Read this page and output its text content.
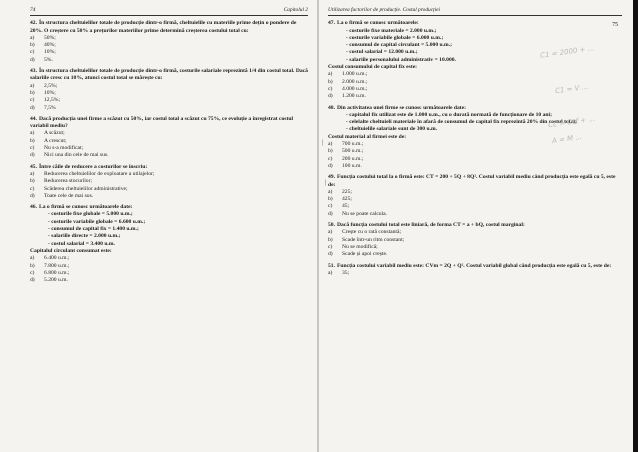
74	Capitolul 2
42. În structura cheltuielilor totale de producție dintr-o firmă, cheltuielile cu materiile prime dețin o pondere de 20%. O creștere cu 50% a prețurilor materiilor prime determină creșterea costului total cu:
a)	50%;
b)	40%;
c)	10%;
d)	5%.
43. În structura cheltuielilor totale de producție dintr-o firmă, costurile salariale reprezintă 1/4 din costul total. Dacă salariile cresc cu 10%, atunci costul total se mărește cu:
a)	2,5%;
b)	10%;
c)	12,5%;
d)	7,5%
44. Dacă producția unei firme a scăzut cu 50%, iar costul total a scăzut cu 75%, ce evoluție a înregistrat costul variabil mediu?
a)	A scăzut;
b)	A crescut;
c)	Nu s-a modificat;
d)	Nici una din cele de mai sus.
45. Între căile de reducere a costurilor se înscriu:
a)	Reducerea cheltuielilor de exploatare a utilajelor;
b)	Reducerea stocurilor;
c)	Scăderea cheltuielilor administrative;
d)	Toate cele de mai sus.
46. La o firmă se cunosc următoarele date:
- costurile fixe globale = 5.000 u.m.;
- costurile variabile globale = 6.600 u.m.;
- consumul de capital fix = 1.400 u.m.;
- salariile directe = 2.000 u.m.;
- costul salarial = 3.400 u.m.
Capitalul circulant consumat este:
a)	6.400 u.m.;
b)	7.800 u.m.;
c)	6.800 u.m.;
d)	5.200 u.m.
Utilizarea factorilor de producție. Costul producției
75
47. La o firmă se cunosc următoarele:
- costurile fixe materiale = 2.000 u.m.;
- costurile variabile globale = 6.000 u.m.;
- consumul de capital circulant = 5.000 u.m.;
- costul salarial = 12.000 u.m.;
- salariile personalului administrativ = 10.000.
Costul consumului de capital fix este:
a)	1.000 u.m.;
b)	2.000 u.m.;
c)	4.000 u.m.;
d)	1.200 u.m.
48. Din activitatea unei firme se cunosc următoarele date:
- capitalul fix utilizat este de 1.000 u.m., cu o durată normată de funcționare de 10 ani;
- celelalte cheltuieli materiale în afară de consumul de capital fix reprezintă 20% din costul total;
- cheltuielile salariale sunt de 300 u.m.
Costul material al firmei este de:
a)	700 u.m.;
b)	500 u.m.;
c)	200 u.m.;
d)	100 u.m.
49. Funcția costului total la o firmă este: CT = 200 + 5Q + 8Q². Costul variabil mediu când producția este egală cu 5, este de:
a)	225;
b)	425;
c)	45;
d)	Nu se poate calcula.
50. Dacă funcția costului total este liniară, de forma CT = a + bQ, costul marginal:
a)	Crește cu o rată constantă;
b)	Scade într-un ritm constant;
c)	Nu se modifică;
d)	Scade și apoi crește.
51. Funcția costului variabil mediu este: CVm = 2Q + Q². Costul variabil global când producția este egală cu 5, este de:
a)	35;
C1 = 2000 + ...
C1 = V ...
Cc = Ccf + ...
A = M ...
|
|
